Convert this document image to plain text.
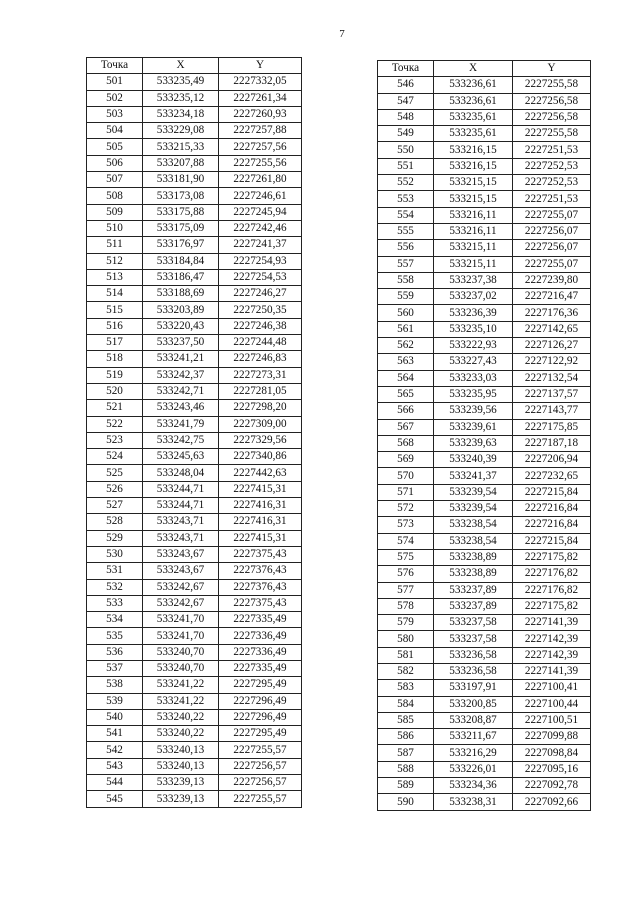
7
Точка	X	Y
501	533235,49	2227332,05
502	533235,12	2227261,34
503	533234,18	2227260,93
504	533229,08	2227257,88
505	533215,33	2227257,56
506	533207,88	2227255,56
507	533181,90	2227261,80
508	533173,08	2227246,61
509	533175,88	2227245,94
510	533175,09	2227242,46
511	533176,97	2227241,37
512	533184,84	2227254,93
513	533186,47	2227254,53
514	533188,69	2227246,27
515	533203,89	2227250,35
516	533220,43	2227246,38
517	533237,50	2227244,48
518	533241,21	2227246,83
519	533242,37	2227273,31
520	533242,71	2227281,05
521	533243,46	2227298,20
522	533241,79	2227309,00
523	533242,75	2227329,56
524	533245,63	2227340,86
525	533248,04	2227442,63
526	533244,71	2227415,31
527	533244,71	2227416,31
528	533243,71	2227416,31
529	533243,71	2227415,31
530	533243,67	2227375,43
531	533243,67	2227376,43
532	533242,67	2227376,43
533	533242,67	2227375,43
534	533241,70	2227335,49
535	533241,70	2227336,49
536	533240,70	2227336,49
537	533240,70	2227335,49
538	533241,22	2227295,49
539	533241,22	2227296,49
540	533240,22	2227296,49
541	533240,22	2227295,49
542	533240,13	2227255,57
543	533240,13	2227256,57
544	533239,13	2227256,57
545	533239,13	2227255,57
Точка	X	Y
546	533236,61	2227255,58
547	533236,61	2227256,58
548	533235,61	2227256,58
549	533235,61	2227255,58
550	533216,15	2227251,53
551	533216,15	2227252,53
552	533215,15	2227252,53
553	533215,15	2227251,53
554	533216,11	2227255,07
555	533216,11	2227256,07
556	533215,11	2227256,07
557	533215,11	2227255,07
558	533237,38	2227239,80
559	533237,02	2227216,47
560	533236,39	2227176,36
561	533235,10	2227142,65
562	533222,93	2227126,27
563	533227,43	2227122,92
564	533233,03	2227132,54
565	533235,95	2227137,57
566	533239,56	2227143,77
567	533239,61	2227175,85
568	533239,63	2227187,18
569	533240,39	2227206,94
570	533241,37	2227232,65
571	533239,54	2227215,84
572	533239,54	2227216,84
573	533238,54	2227216,84
574	533238,54	2227215,84
575	533238,89	2227175,82
576	533238,89	2227176,82
577	533237,89	2227176,82
578	533237,89	2227175,82
579	533237,58	2227141,39
580	533237,58	2227142,39
581	533236,58	2227142,39
582	533236,58	2227141,39
583	533197,91	2227100,41
584	533200,85	2227100,44
585	533208,87	2227100,51
586	533211,67	2227099,88
587	533216,29	2227098,84
588	533226,01	2227095,16
589	533234,36	2227092,78
590	533238,31	2227092,66
